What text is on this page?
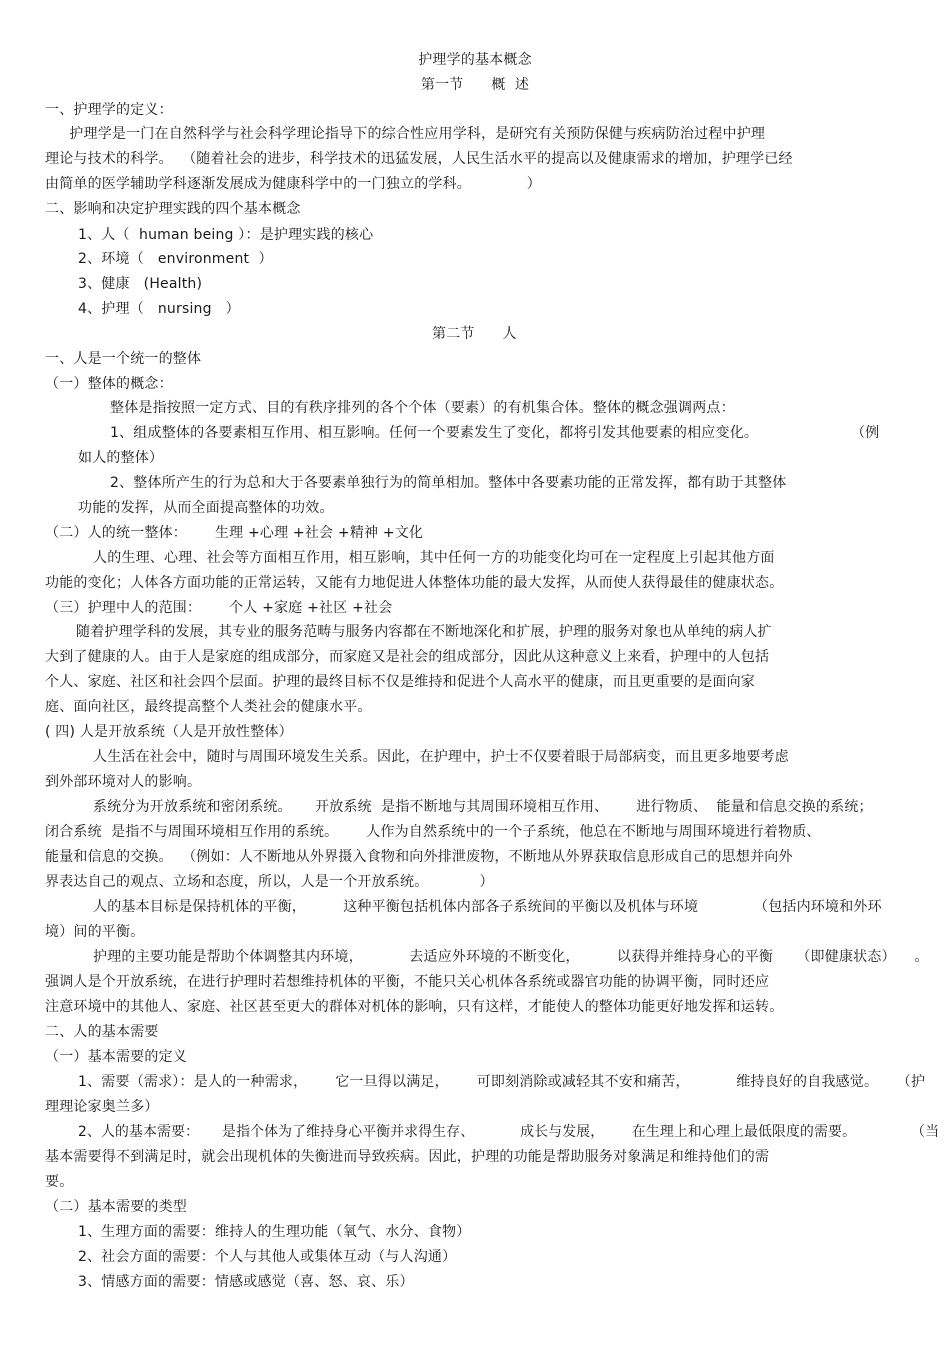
护理学的基本概念
第一节      概  述
一、护理学的定义：
护理学是一门在自然科学与社会科学理论指导下的综合性应用学科，是研究有关预防保健与疾病防治过程中护理
理论与技术的科学。  （随着社会的进步，科学技术的迅猛发展，人民生活水平的提高以及健康需求的增加，护理学已经
由简单的医学辅助学科逐渐发展成为健康科学中的一门独立的学科。            ）
二、影响和决定护理实践的四个基本概念
1、人（  human being ）：是护理实践的核心
2、环境（   environment  ）
3、健康   (Health)
4、护理（   nursing   ）
第二节      人
一、人是一个统一的整体
（一）整体的概念：
整体是指按照一定方式、目的有秩序排列的各个个体（要素）的有机集合体。整体的概念强调两点：
1、组成整体的各要素相互作用、相互影响。任何一个要素发生了变化，都将引发其他要素的相应变化。                    （例
如人的整体）
2、整体所产生的行为总和大于各要素单独行为的简单相加。整体中各要素功能的正常发挥，都有助于其整体
功能的发挥，从而全面提高整体的功效。
（二）人的统一整体：      生理 +心理 +社会 +精神 +文化
人的生理、心理、社会等方面相互作用，相互影响，其中任何一方的功能变化均可在一定程度上引起其他方面
功能的变化；人体各方面功能的正常运转，又能有力地促进人体整体功能的最大发挥，从而使人获得最佳的健康状态。
（三）护理中人的范围：      个人 +家庭 +社区 +社会
随着护理学科的发展，其专业的服务范畴与服务内容都在不断地深化和扩展，护理的服务对象也从单纯的病人扩
大到了健康的人。由于人是家庭的组成部分，而家庭又是社会的组成部分，因此从这种意义上来看，护理中的人包括
个人、家庭、社区和社会四个层面。护理的最终目标不仅是维持和促进个人高水平的健康，而且更重要的是面向家
庭、面向社区，最终提高整个人类社会的健康水平。
( 四) 人是开放系统（人是开放性整体）
人生活在社会中，随时与周围环境发生关系。因此，在护理中，护士不仅要着眼于局部病变，而且更多地要考虑
到外部环境对人的影响。
系统分为开放系统和密闭系统。     开放系统  是指不断地与其周围环境相互作用、      进行物质、  能量和信息交换的系统；
闭合系统  是指不与周围环境相互作用的系统。      人作为自然系统中的一个子系统，他总在不断地与周围环境进行着物质、
能量和信息的交换。  （例如：人不断地从外界摄入食物和向外排泄废物，不断地从外界获取信息形成自己的思想并向外
界表达自己的观点、立场和态度，所以，人是一个开放系统。           ）
人的基本目标是保持机体的平衡，        这种平衡包括机体内部各子系统间的平衡以及机体与环境            （包括内环境和外环
境）间的平衡。
护理的主要功能是帮助个体调整其内环境，          去适应外环境的不断变化，        以获得并维持身心的平衡     （即健康状态）    。
强调人是个开放系统，在进行护理时若想维持机体的平衡，不能只关心机体各系统或器官功能的协调平衡，同时还应
注意环境中的其他人、家庭、社区甚至更大的群体对机体的影响，只有这样，才能使人的整体功能更好地发挥和运转。
二、人的基本需要
（一）基本需要的定义
1、需要（需求）：是人的一种需求，      它一旦得以满足，      可即刻消除或减轻其不安和痛苦，          维持良好的自我感觉。    （护
理理论家奥兰多）
2、人的基本需要：     是指个体为了维持身心平衡并求得生存、          成长与发展，      在生理上和心理上最低限度的需要。            （当
基本需要得不到满足时，就会出现机体的失衡进而导致疾病。因此，护理的功能是帮助服务对象满足和维持他们的需
要。
（二）基本需要的类型
1、生理方面的需要：维持人的生理功能（氧气、水分、食物）
2、社会方面的需要：个人与其他人或集体互动（与人沟通）
3、情感方面的需要：情感或感觉（喜、怒、哀、乐）
